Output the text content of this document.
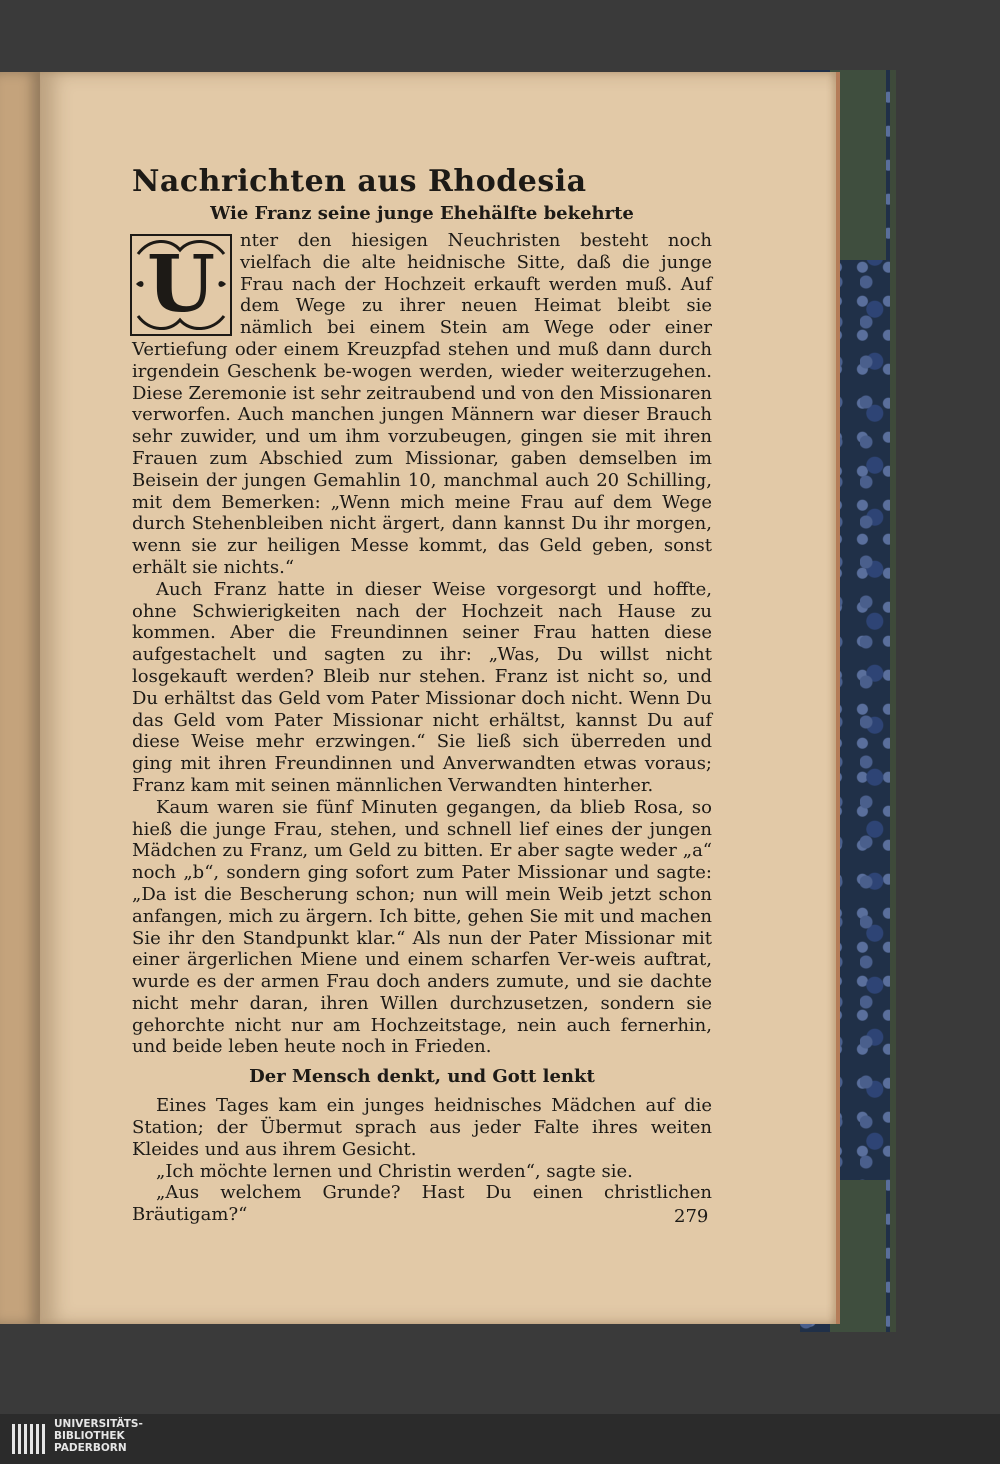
Nachrichten aus Rhodesia
Wie Franz seine junge Ehehälfte bekehrte
U	nter den hiesigen Neuchristen besteht noch vielfach die alte heidnische Sitte, daß die junge Frau nach der Hochzeit erkauft werden muß. Auf dem Wege zu ihrer neuen Heimat bleibt sie nämlich bei einem Stein am Wege oder einer Vertiefung oder einem Kreuzpfad stehen und muß dann durch irgendein Geschenk be-wogen werden, wieder weiterzugehen. Diese Zeremonie ist sehr zeitraubend und von den Missionaren verworfen. Auch manchen jungen Männern war dieser Brauch sehr zuwider, und um ihm vorzubeugen, gingen sie mit ihren Frauen zum Abschied zum Missionar, gaben demselben im Beisein der jungen Gemahlin 10, manchmal auch 20 Schilling, mit dem Bemerken: „Wenn mich meine Frau auf dem Wege durch Stehenbleiben nicht ärgert, dann kannst Du ihr morgen, wenn sie zur heiligen Messe kommt, das Geld geben, sonst erhält sie nichts.“

Auch Franz hatte in dieser Weise vorgesorgt und hoffte, ohne Schwierigkeiten nach der Hochzeit nach Hause zu kommen. Aber die Freundinnen seiner Frau hatten diese aufgestachelt und sagten zu ihr: „Was, Du willst nicht losgekauft werden? Bleib nur stehen. Franz ist nicht so, und Du erhältst das Geld vom Pater Missionar doch nicht. Wenn Du das Geld vom Pater Missionar nicht erhältst, kannst Du auf diese Weise mehr erzwingen.“ Sie ließ sich überreden und ging mit ihren Freundinnen und Anverwandten etwas voraus; Franz kam mit seinen männlichen Verwandten hinterher.

Kaum waren sie fünf Minuten gegangen, da blieb Rosa, so hieß die junge Frau, stehen, und schnell lief eines der jungen Mädchen zu Franz, um Geld zu bitten. Er aber sagte weder „a“ noch „b“, sondern ging sofort zum Pater Missionar und sagte: „Da ist die Bescherung schon; nun will mein Weib jetzt schon anfangen, mich zu ärgern. Ich bitte, gehen Sie mit und machen Sie ihr den Standpunkt klar.“ Als nun der Pater Missionar mit einer ärgerlichen Miene und einem scharfen Ver-weis auftrat, wurde es der armen Frau doch anders zumute, und sie dachte nicht mehr daran, ihren Willen durchzusetzen, sondern sie gehorchte nicht nur am Hochzeitstage, nein auch fernerhin, und beide leben heute noch in Frieden.

Der Mensch denkt, und Gott lenkt

Eines Tages kam ein junges heidnisches Mädchen auf die Station; der Übermut sprach aus jeder Falte ihres weiten Kleides und aus ihrem Gesicht.

„Ich möchte lernen und Christin werden“, sagte sie.

„Aus welchem Grunde? Hast Du einen christlichen Bräutigam?“	279
UNIVERSITÄTS-
BIBLIOTHEK
PADERBORN
